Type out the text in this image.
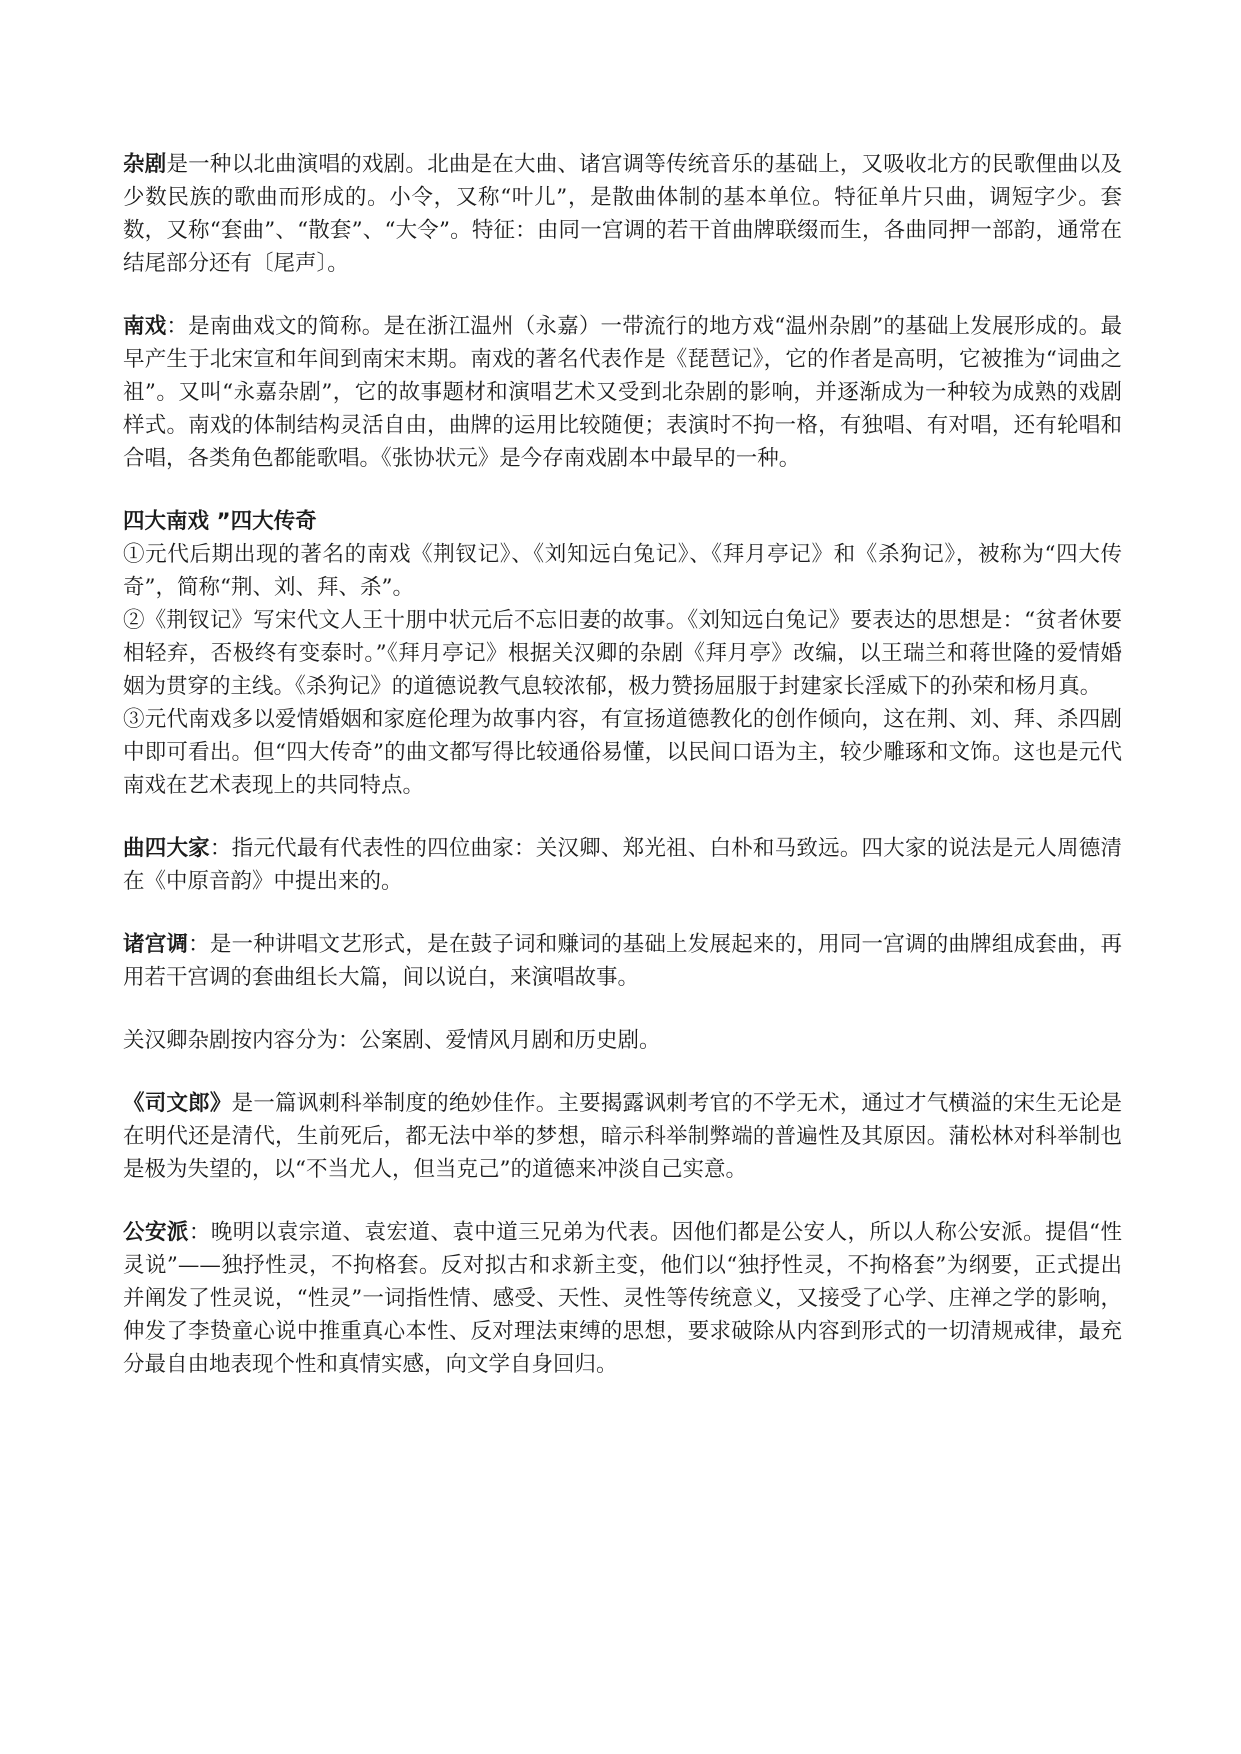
杂剧是一种以北曲演唱的戏剧。北曲是在大曲、诸宫调等传统音乐的基础上，又吸收北方的民歌俚曲以及少数民族的歌曲而形成的。小令，又称“叶儿”，是散曲体制的基本单位。特征单片只曲，调短字少。套数，又称“套曲”、“散套”、“大令”。特征：由同一宫调的若干首曲牌联缀而生，各曲同押一部韵，通常在结尾部分还有〔尾声〕。

南戏：是南曲戏文的简称。是在浙江温州（永嘉）一带流行的地方戏“温州杂剧”的基础上发展形成的。最早产生于北宋宣和年间到南宋末期。南戏的著名代表作是《琵琶记》，它的作者是高明，它被推为“词曲之祖”。又叫“永嘉杂剧”，它的故事题材和演唱艺术又受到北杂剧的影响，并逐渐成为一种较为成熟的戏剧样式。南戏的体制结构灵活自由，曲牌的运用比较随便；表演时不拘一格，有独唱、有对唱，还有轮唱和合唱，各类角色都能歌唱。《张协状元》是今存南戏剧本中最早的一种。

四大南戏 ”四大传奇

①元代后期出现的著名的南戏《荆钗记》、《刘知远白兔记》、《拜月亭记》和《杀狗记》，被称为“四大传奇”，简称“荆、刘、拜、杀”。

②《荆钗记》写宋代文人王十朋中状元后不忘旧妻的故事。《刘知远白兔记》要表达的思想是：“贫者休要相轻弃，否极终有变泰时。”《拜月亭记》根据关汉卿的杂剧《拜月亭》改编，以王瑞兰和蒋世隆的爱情婚姻为贯穿的主线。《杀狗记》的道德说教气息较浓郁，极力赞扬屈服于封建家长淫威下的孙荣和杨月真。

③元代南戏多以爱情婚姻和家庭伦理为故事内容，有宣扬道德教化的创作倾向，这在荆、刘、拜、杀四剧中即可看出。但“四大传奇”的曲文都写得比较通俗易懂，以民间口语为主，较少雕琢和文饰。这也是元代南戏在艺术表现上的共同特点。

曲四大家：指元代最有代表性的四位曲家：关汉卿、郑光祖、白朴和马致远。四大家的说法是元人周德清在《中原音韵》中提出来的。

诸宫调：是一种讲唱文艺形式，是在鼓子词和赚词的基础上发展起来的，用同一宫调的曲牌组成套曲，再用若干宫调的套曲组长大篇，间以说白，来演唱故事。

关汉卿杂剧按内容分为：公案剧、爱情风月剧和历史剧。

《司文郎》是一篇讽刺科举制度的绝妙佳作。主要揭露讽刺考官的不学无术，通过才气横溢的宋生无论是在明代还是清代，生前死后，都无法中举的梦想，暗示科举制弊端的普遍性及其原因。蒲松林对科举制也是极为失望的，以“不当尤人，但当克己”的道德来冲淡自己实意。

公安派：晚明以袁宗道、袁宏道、袁中道三兄弟为代表。因他们都是公安人，所以人称公安派。提倡“性灵说”——独抒性灵，不拘格套。反对拟古和求新主变，他们以“独抒性灵，不拘格套”为纲要，正式提出并阐发了性灵说，“性灵”一词指性情、感受、天性、灵性等传统意义，又接受了心学、庄禅之学的影响，伸发了李贽童心说中推重真心本性、反对理法束缚的思想，要求破除从内容到形式的一切清规戒律，最充分最自由地表现个性和真情实感，向文学自身回归。
